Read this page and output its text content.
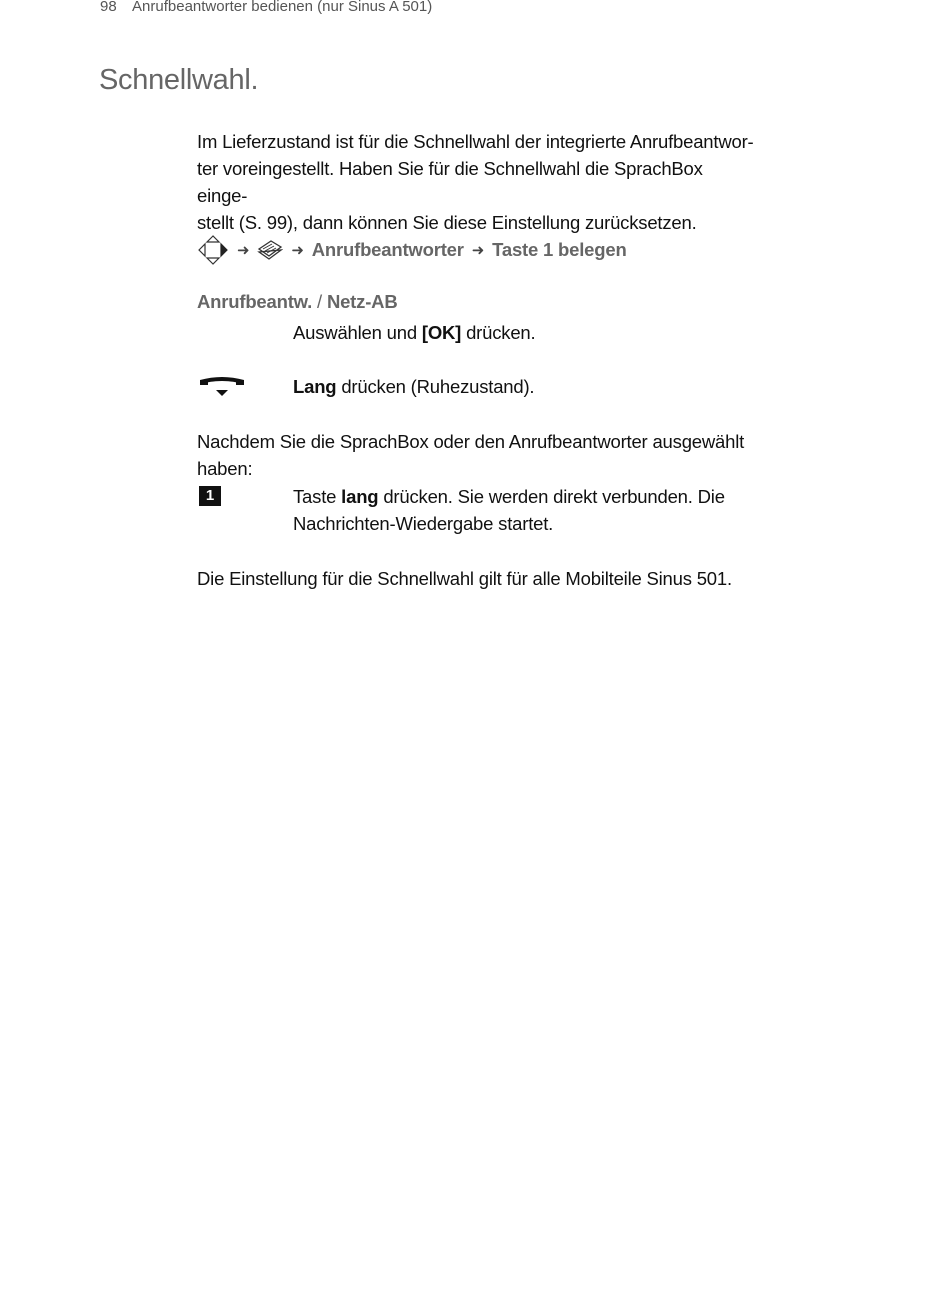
98 Anrufbeantworter bedienen (nur Sinus A 501)
Schnellwahl.
Im Lieferzustand ist für die Schnellwahl der integrierte Anrufbeantwor-
ter voreingestellt. Haben Sie für die Schnellwahl die SprachBox einge-
stellt (S. 99), dann können Sie diese Einstellung zurücksetzen.
➜	➜ Anrufbeantworter ➜ Taste 1 belegen
Anrufbeantw. / Netz-AB
Auswählen und [OK] drücken.
Lang drücken (Ruhezustand).
Nachdem Sie die SprachBox oder den Anrufbeantworter ausgewählt
haben:
1	Taste lang drücken. Sie werden direkt verbunden. Die
Nachrichten-Wiedergabe startet.
Die Einstellung für die Schnellwahl gilt für alle Mobilteile Sinus 501.
